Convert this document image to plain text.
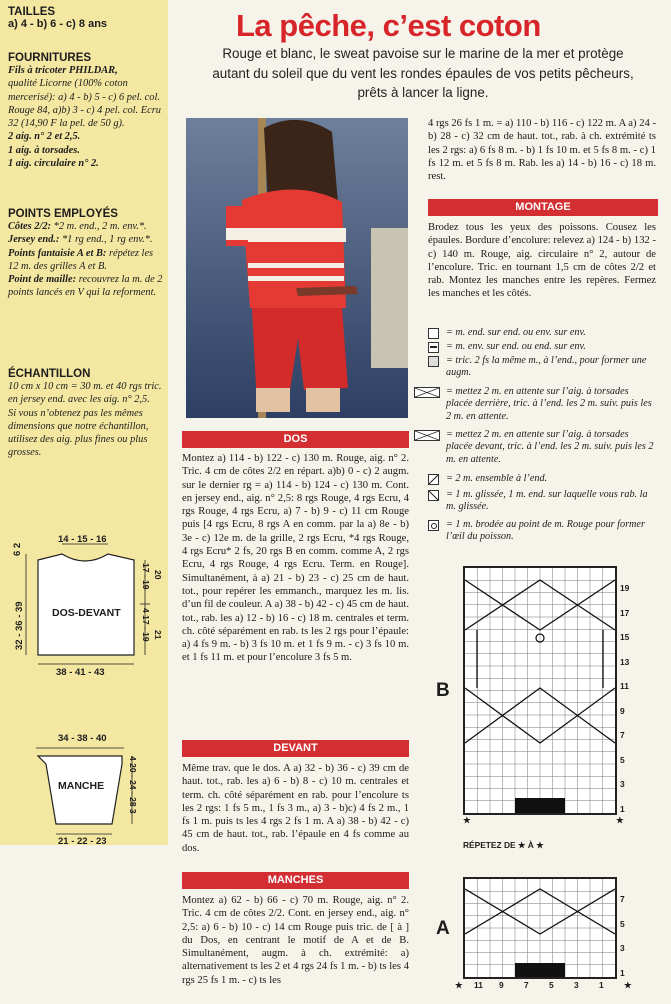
TAILLES

a) 4 - b) 6 - c) 8 ans

FOURNITURES

Fils à tricoter PHILDAR,

qualité Licorne (100% coton mercerisé): a) 4 - b) 5 - c) 6 pel. col. Rouge 84, a)b) 3 - c) 4 pel. col. Ecru 32 (14,90 F la pel. de 50 g).

2 aig. n° 2 et 2,5.

1 aig. à torsades.

1 aig. circulaire n° 2.

POINTS EMPLOYÉS

Côtes 2/2: *2 m. end., 2 m. env.*.

Jersey end.: *1 rg end., 1 rg env.*.

Points fantaisie A et B: répétez les 12 m. des grilles A et B.

Point de maille: recouvrez la m. de 2 points lancés en V qui la reforment.

ÉCHANTILLON

10 cm x 10 cm = 30 m. et 40 rgs tric. en jersey end. avec les aig. n° 2,5.

Si vous n’obtenez pas les mêmes dimensions que notre échantillon, utilisez des aig. plus fines ou plus grosses.

14 - 15 - 16
6 2
32 - 36 - 39
17 - 19 20
4 17 - 19 21
DOS-DEVANT
38 - 41 - 43
34 - 38 - 40
MANCHE	4 20 - 24 - 28 3
21 - 22 - 23
La pêche, c’est coton
Rouge et blanc, le sweat pavoise sur le marine de la mer et protège autant du soleil que du vent les rondes épaules de vos petits pêcheurs, prêts à lancer la ligne.
DOS

Montez a) 114 - b) 122 - c) 130 m. Rouge, aig. n° 2. Tric. 4 cm de côtes 2/2 en répart. a)b) 0 - c) 2 augm. sur le dernier rg = a) 114 - b) 124 - c) 130 m. Cont. en jersey end., aig. n° 2,5: 8 rgs Rouge, 4 rgs Ecru, 4 rgs Rouge, 4 rgs Ecru, a) 7 - b) 9 - c) 11 cm Rouge puis [4 rgs Ecru, 8 rgs A en comm. par la a) 8e - b) 3e - c) 12e m. de la grille, 2 rgs Ecru, *4 rgs Rouge, 4 rgs Ecru* 2 fs, 20 rgs B en comm. comme A, 2 rgs Ecru, 4 rgs Rouge, 4 rgs Ecru. Term. en Rouge]. Simultanément, à a) 21 - b) 23 - c) 25 cm de haut. tot., pour repérer les emmanch., marquez les m. lis. d’un fil de couleur. A a) 38 - b) 42 - c) 45 cm de haut. tot., rab. les a) 12 - b) 16 - c) 18 m. centrales et term. ch. côté séparément en rab. ts les 2 rgs pour l’épaule: a) 4 fs 9 m. - b) 3 fs 10 m. et 1 fs 9 m. - c) 3 fs 10 m. et 1 fs 11 m. et pour l’encolure 3 fs 5 m.

DEVANT

Même trav. que le dos. A a) 32 - b) 36 - c) 39 cm de haut. tot., rab. les a) 6 - b) 8 - c) 10 m. centrales et term. ch. côté séparément en rab. pour l’encolure ts les 2 rgs: 1 fs 5 m., 1 fs 3 m., a) 3 - b)c) 4 fs 2 m., 1 fs 1 m. puis ts les 4 rgs 2 fs 1 m. A a) 38 - b) 42 - c) 45 cm de haut. tot., rab. l’épaule en 4 fs comme au dos.

MANCHES

Montez a) 62 - b) 66 - c) 70 m. Rouge, aig. n° 2. Tric. 4 cm de côtes 2/2. Cont. en jersey end., aig. n° 2,5: a) 6 - b) 10 - c) 14 cm Rouge puis tric. de [ à ] du Dos, en centrant le motif de A et de B. Simultanément, augm. à ch. extrémité: a) alternativement ts les 2 et 4 rgs 24 fs 1 m. - b) ts les 4 rgs 25 fs 1 m. - c) ts les

4 rgs 26 fs 1 m. = a) 110 - b) 116 - c) 122 m. A a) 24 - b) 28 - c) 32 cm de haut. tot., rab. à ch. extrémité ts les 2 rgs: a) 6 fs 8 m. - b) 1 fs 10 m. et 5 fs 8 m. - c) 1 fs 12 m. et 5 fs 8 m. Rab. les a) 14 - b) 16 - c) 18 m. rest.

MONTAGE

Brodez tous les yeux des poissons. Cousez les épaules. Bordure d’encolure: relevez a) 124 - b) 132 - c) 140 m. Rouge, aig. circulaire n° 2, autour de l’encolure. Tric. en tournant 1,5 cm de côtes 2/2 et rab. Montez les manches entre les repères. Fermez les manches et les côtés.

= m. end. sur end. ou env. sur env.
= m. env. sur end. ou end. sur env.
= tric. 2 fs la même m., à l’end., pour former une augm.
= mettez 2 m. en attente sur l’aig. à torsades placée derrière, tric. à l’end. les 2 m. suiv. puis les 2 m. en attente.
= mettez 2 m. en attente sur l’aig. à torsades placée devant, tric. à l’end. les 2 m. suiv. puis les 2 m. en attente.
= 2 m. ensemble à l’end.
= 1 m. glissée, 1 m. end. sur laquelle vous rab. la m. glissée.
= 1 m. brodée au point de m. Rouge pour former l’œil du poisson.
B
19
17
15
13
11
9
7
5
3
1
★	★
RÉPETEZ DE ★ À ★
A
7
5
3
1
★ 11 9 7 5 3 1 ★
